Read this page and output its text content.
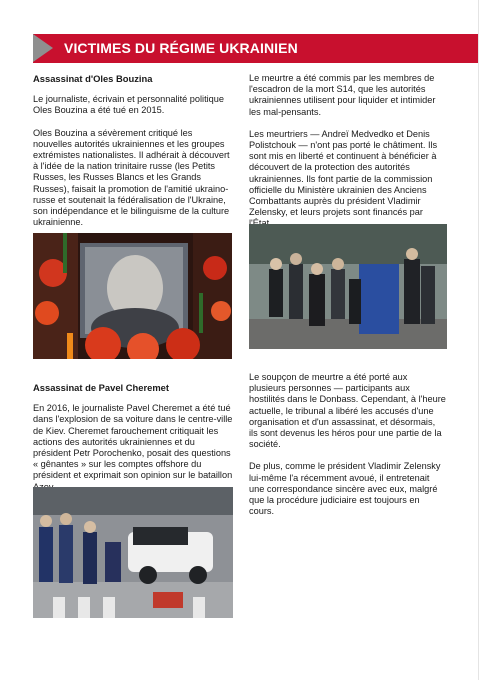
VICTIMES DU RÉGIME UKRAINIEN
Assassinat d'Oles Bouzina

Le journaliste, écrivain et personnalité politique Oles Bouzina a été tué en 2015.

Oles Bouzina a sévèrement critiqué les nouvelles autorités ukrainiennes et les groupes extrémistes nationalistes. Il adhérait à découvert à l'idée de la nation trinitaire russe (les Petits Russes, les Russes Blancs et les Grands Russes), faisait la promotion de l'amitié ukraino-russe et soutenait la fédéralisation de l'Ukraine, son indépendance et le bilinguisme de la culture ukrainienne.

Le meurtre a été commis par les membres de l'escadron de la mort S14, que les autorités ukrainiennes utilisent pour liquider et intimider les mal-pensants.

Les meurtriers — Andreï Medvedko et Denis Polistchouk — n'ont pas porté le châtiment. Ils sont mis en liberté et continuent à bénéficier à découvert de la protection des autorités ukrainiennes. Ils font partie de la commission officielle du Ministère ukrainien des Anciens Combattants auprès du président Vladimir Zelensky, et leurs projets sont financés par

Assassinat de Pavel Cheremet

En 2016, le journaliste Pavel Cheremet a été tué dans l'explosion de sa voiture dans le centre-ville de Kiev. Cheremet farouchement critiquait les actions des autorités ukrainiennes et du président Petr Porochenko, posait des questions « gênantes » sur les comptes offshore du président et exprimait son opinion sur le bataillon

Le soupçon de meurtre a été porté aux plusieurs personnes — participants aux hostilités dans le Donbass. Cependant, à l'heure actuelle, le tribunal a libéré les accusés d'une organisation et d'un assassinat, et désormais, ils sont devenus les héros pour une partie de la société.

De plus, comme le président Vladimir Zelensky lui-même l'a récemment avoué, il entretenait une correspondance sincère avec eux, malgré que la procédure judiciaire est toujours en cours.
